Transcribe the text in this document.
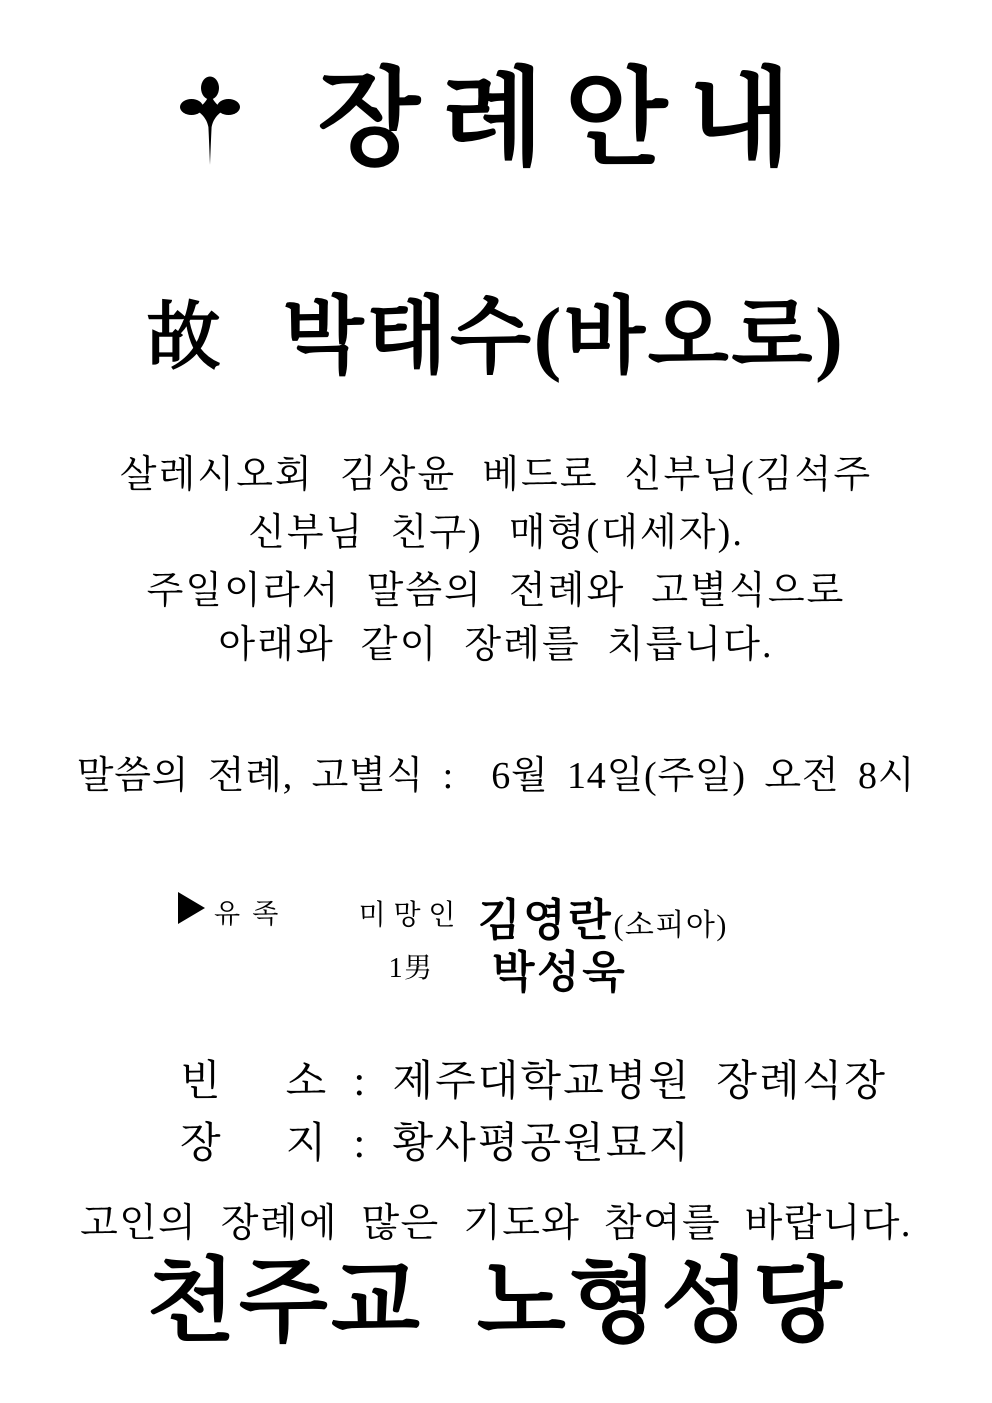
장례안내
故 박태수(바오로)

살레시오회 김상윤 베드로 신부님(김석주
신부님 친구) 매형(대세자).

주일이라서 말씀의 전례와 고별식으로
아래와 같이 장례를 치릅니다.

말씀의 전례, 고별식 :  6월 14일(주일) 오전 8시

유족 미망인 김영란(소피아)
1男	박성욱

빈     소  :  제주대학교병원  장례식장

장     지  :  황사평공원묘지

고인의 장례에 많은 기도와 참여를 바랍니다.

천주교 노형성당
